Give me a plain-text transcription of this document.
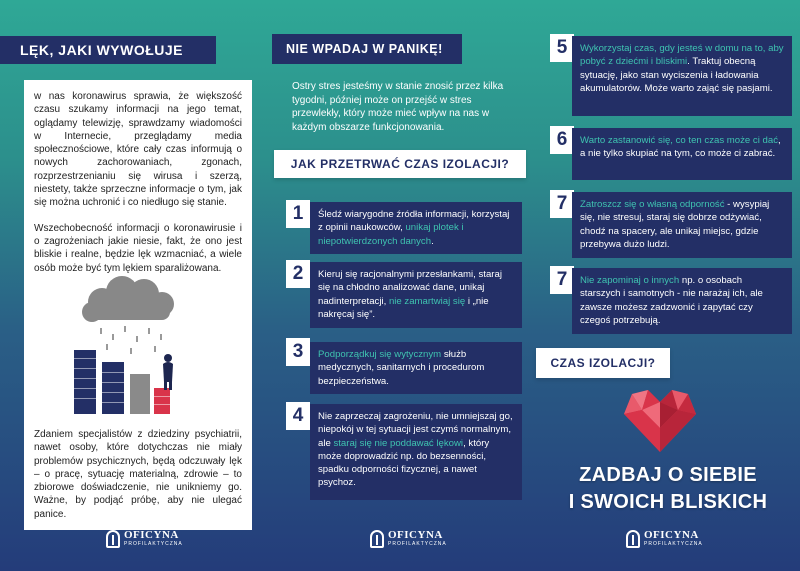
LĘK, JAKI WYWOŁUJE

w nas koronawirus sprawia, że większość czasu szukamy informacji na jego temat, oglądamy telewizję, sprawdzamy wiadomości w Internecie, przeglądamy media społecznościowe, które cały czas informują o nowych zachorowaniach, zgonach, rozprzestrzenianiu się wirusa i szerzą, niestety, także sprzeczne informacje o tym, jak się można uchronić i co niedługo się stanie.

Wszechobecność informacji o koronawirusie i o zagrożeniach jakie niesie, fakt, że ono jest bliskie i realne, będzie lęk wzmacniać, a wiele osób może być tym lękiem sparaliżowana.

Zdaniem specjalistów z dziedziny psychiatrii, nawet osoby, które dotychczas nie miały problemów psychicznych, będą odczuwały lęk – o pracę, sytuację materialną, zdrowie – to zbiorowe doświadczenie, nie unikniemy go. Ważne, by podjąć próbę, aby nie ulegać panice.

OFICYNA
PROFILAKTYCZNA
NIE WPADAJ W PANIKĘ!

Ostry stres jesteśmy w stanie znosić przez kilka tygodni, później może on przejść w stres przewlekły, który może mieć wpływ na nas w każdym obszarze funkcjonowania.

JAK PRZETRWAĆ CZAS IZOLACJI?
1	Śledź wiarygodne źródła informacji, korzystaj z opinii naukowców, unikaj plotek i niepotwierdzonych danych.
2	Kieruj się racjonalnymi przesłankami, staraj się na chłodno analizować dane, unikaj nadinterpretacji, nie zamartwiaj się i „nie nakręcaj się”.
3	Podporządkuj się wytycznym służb medycznych, sanitarnych i procedurom bezpieczeństwa.
4	Nie zaprzeczaj zagrożeniu, nie umniejszaj go, niepokój w tej sytuacji jest czymś normalnym, ale staraj się nie poddawać lękowi, który może doprowadzić np. do bezsenności, spadku odporności fizycznej, a nawet psychoz.
OFICYNA
PROFILAKTYCZNA
5	Wykorzystaj czas, gdy jesteś w domu na to, aby pobyć z dziećmi i bliskimi. Traktuj obecną sytuację, jako stan wyciszenia i ładowania akumulatorów. Może warto zająć się pasjami.
6	Warto zastanowić się, co ten czas może ci dać, a nie tylko skupiać na tym, co może ci zabrać.
7	Zatroszcz się o własną odporność - wysypiaj się, nie stresuj, staraj się dobrze odżywiać, chodź na spacery, ale unikaj miejsc, gdzie przebywa dużo ludzi.
7	Nie zapominaj o innych np. o osobach starszych i samotnych - nie narażaj ich, ale zawsze możesz zadzwonić i zapytać czy czegoś potrzebują.
CZAS IZOLACJI?
ZADBAJ O SIEBIE
I SWOICH BLISKICH
OFICYNA
PROFILAKTYCZNA
